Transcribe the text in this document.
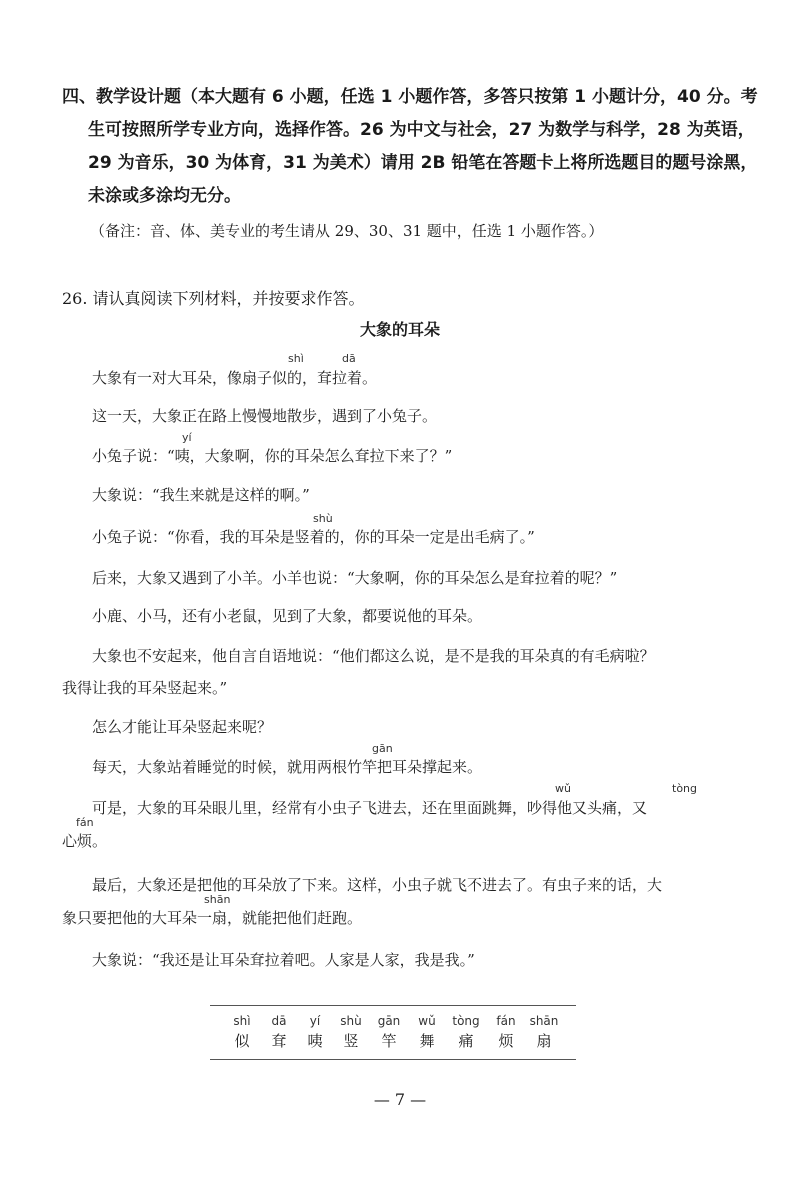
四、教学设计题（本大题有 6 小题，任选 1 小题作答，多答只按第 1 小题计分，40 分。考
生可按照所学专业方向，选择作答。26 为中文与社会，27 为数学与科学，28 为英语，
29 为音乐，30 为体育，31 为美术）请用 2B 铅笔在答题卡上将所选题目的题号涂黑，
未涂或多涂均无分。
（备注：音、体、美专业的考生请从 29、30、31 题中，任选 1 小题作答。）
26. 请认真阅读下列材料，并按要求作答。
大象的耳朵
大象有一对大耳朵，像扇子似的，耷拉着。
这一天，大象正在路上慢慢地散步，遇到了小兔子。
小兔子说：“咦，大象啊，你的耳朵怎么耷拉下来了？”
大象说：“我生来就是这样的啊。”
小兔子说：“你看，我的耳朵是竖着的，你的耳朵一定是出毛病了。”
后来，大象又遇到了小羊。小羊也说：“大象啊，你的耳朵怎么是耷拉着的呢？”
小鹿、小马，还有小老鼠，见到了大象，都要说他的耳朵。
大象也不安起来，他自言自语地说：“他们都这么说，是不是我的耳朵真的有毛病啦？
我得让我的耳朵竖起来。”
怎么才能让耳朵竖起来呢？
每天，大象站着睡觉的时候，就用两根竹竿把耳朵撑起来。
可是，大象的耳朵眼儿里，经常有小虫子飞进去，还在里面跳舞，吵得他又头痛，又
心烦。
最后，大象还是把他的耳朵放了下来。这样，小虫子就飞不进去了。有虫子来的话，大
象只要把他的大耳朵一扇，就能把他们赶跑。
大象说：“我还是让耳朵耷拉着吧。人家是人家，我是我。”
shì	dā
yí
shù
gān
wǔ	tòng
fán
shān
shì
似
dā
耷
yí
咦
shù
竖
gān
竿
wǔ
舞
tòng
痛
fán
烦
shān
扇
— 7 —
